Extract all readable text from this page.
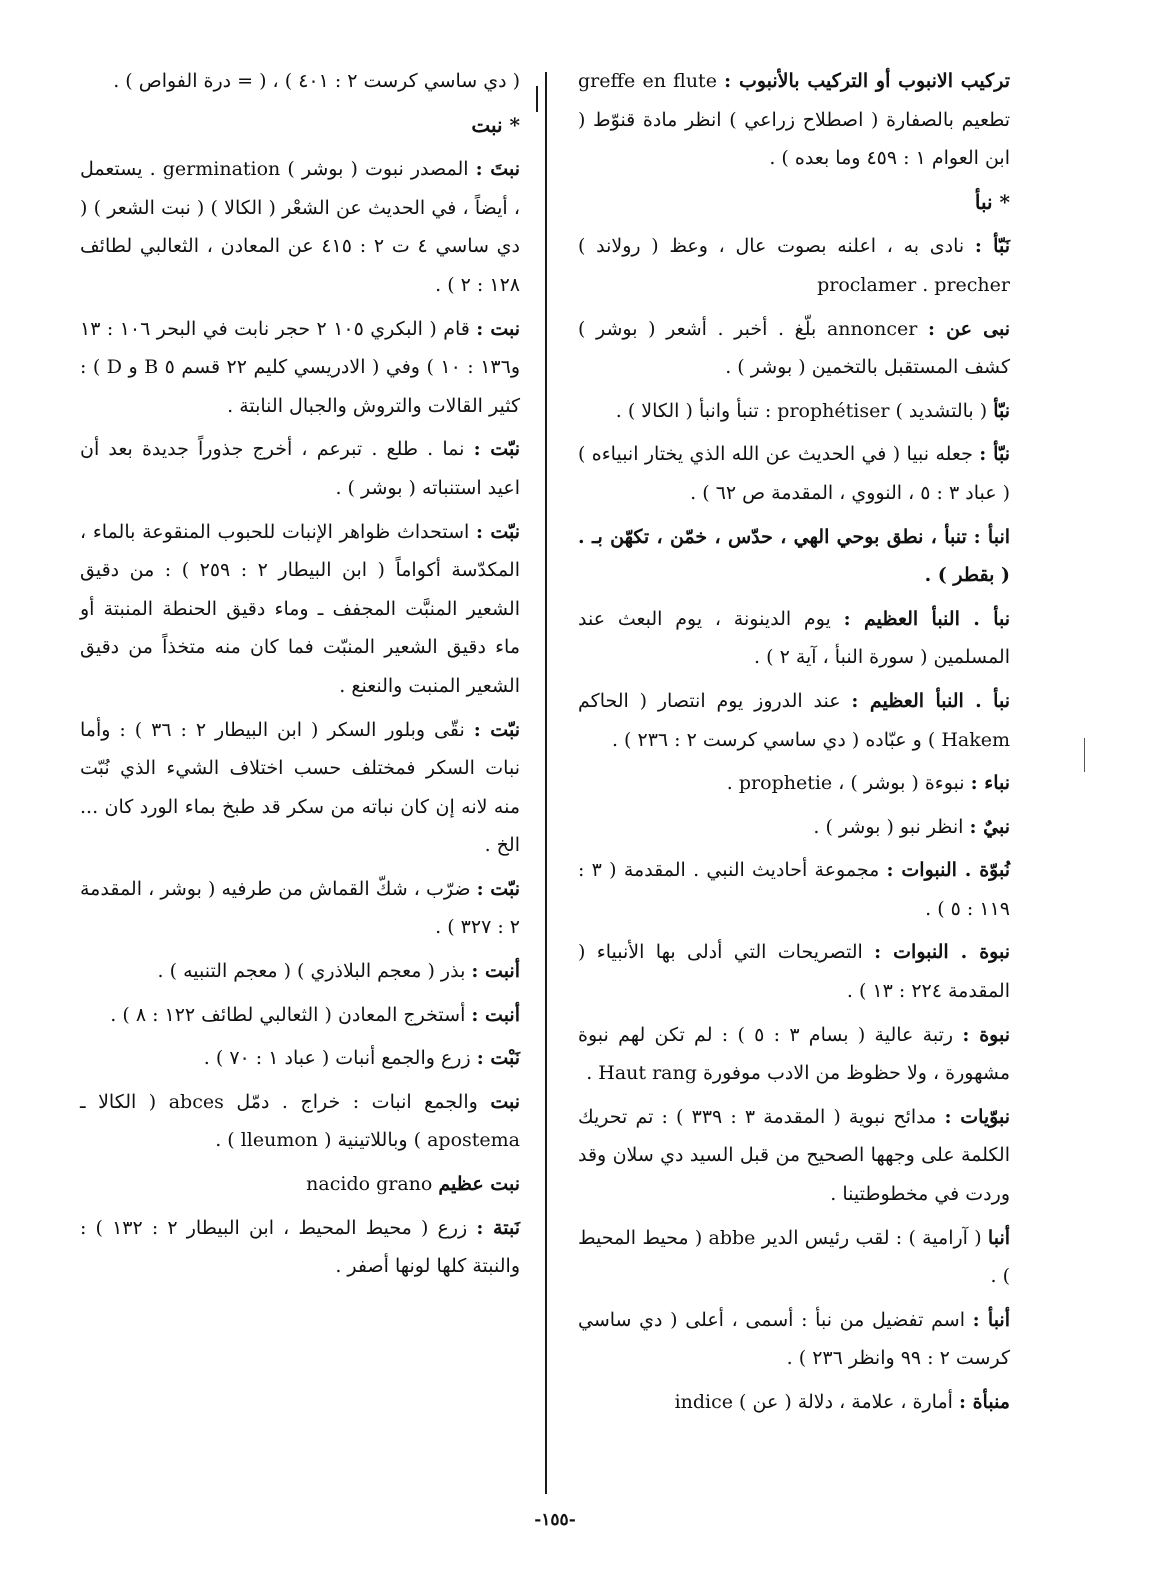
تركيب الانبوب أو التركيب بالأنبوب : greffe en flute تطعيم بالصفارة ( اصطلاح زراعي ) انظر مادة قنوّط ( ابن العوام ١ : ٤٥٩ وما بعده ) .

* نبأ

نَبّأ : نادى به ، اعلنه بصوت عال ، وعظ ( رولاند ) proclamer . precher

نبى عن : annoncer بلّغ . أخبر . أشعر ( بوشر ) كشف المستقبل بالتخمين ( بوشر ) .

نبّأ ( بالتشديد ) prophétiser : تنبأ وانبأ ( الكالا ) .

نبّأ : جعله نبيا ( في الحديث عن الله الذي يختار انبياءه ) ( عباد ٣ : ٥ ، النووي ، المقدمة ص ٦٢ ) .

انبأ : تنبأ ، نطق بوحي الهي ، حدّس ، خمّن ، تكهّن بـ . ( بقطر ) .

نبأ . النبأ العظيم : يوم الدينونة ، يوم البعث عند المسلمين ( سورة النبأ ، آية ٢ ) .

نبأ . النبأ العظيم : عند الدروز يوم انتصار ( الحاكم Hakem ) و عبّاده ( دي ساسي كرست ٢ : ٢٣٦ ) .

نباء : نبوءة ( بوشر ) ، prophetie .

نبيٌ : انظر نبو ( بوشر ) .

نُبوّة . النبوات : مجموعة أحاديث النبي . المقدمة ( ٣ : ١١٩ : ٥ ) .

نبوة . النبوات : التصريحات التي أدلى بها الأنبياء ( المقدمة ٢٢٤ : ١٣ ) .

نبوة : رتبة عالية ( بسام ٣ : ٥ ) : لم تكن لهم نبوة مشهورة ، ولا حظوظ من الادب موفورة Haut rang .

نبوّيات : مدائح نبوية ( المقدمة ٣ : ٣٣٩ ) : تم تحريك الكلمة على وجهها الصحيح من قبل السيد دي سلان وقد وردت في مخطوطتينا .

أنبا ( آرامية ) : لقب رئيس الدير abbe ( محيط المحيط ) .

أنبأ : اسم تفضيل من نبأ : أسمى ، أعلى ( دي ساسي كرست ٢ : ٩٩ وانظر ٢٣٦ ) .

منبأة : أمارة ، علامة ، دلالة ( عن ) indice

( دي ساسي كرست ٢ : ٤٠١ ) ، ( = درة الفواص ) .

* نبت

نبتَ : المصدر نبوت ( بوشر ) germination . يستعمل ، أيضاً ، في الحديث عن الشعْر ( الكالا ) ( نبت الشعر ) ( دي ساسي ٤ ت ٢ : ٤١٥ عن المعادن ، الثعالبي لطائف ١٢٨ : ٢ ) .

نبت : قام ( البكري ١٠٥ ٢ حجر نابت في البحر ١٠٦ : ١٣ و١٣٦ : ١٠ ) وفي ( الادريسي كليم ٢٢ قسم ٥ B و D ) : كثير القالات والتروش والجبال النابتة .

نبّت : نما . طلع . تبرعم ، أخرج جذوراً جديدة بعد أن اعيد استنباته ( بوشر ) .

نبّت : استحداث ظواهر الإنبات للحبوب المنقوعة بالماء ، المكدّسة أكواماً ( ابن البيطار ٢ : ٢٥٩ ) : من دقيق الشعير المنبَّت المجفف ـ وماء دقيق الحنطة المنبتة أو ماء دقيق الشعير المنبّت فما كان منه متخذاً من دقيق الشعير المنبت والنعنع .

نبّت : نقّى وبلور السكر ( ابن البيطار ٢ : ٣٦ ) : وأما نبات السكر فمختلف حسب اختلاف الشيء الذي نُبّت منه لانه إن كان نباته من سكر قد طبخ بماء الورد كان ... الخ .

نبّت : ضرّب ، شكّ القماش من طرفيه ( بوشر ، المقدمة ٢ : ٣٢٧ ) .

أنبت : بذر ( معجم البلاذري ) ( معجم التنبيه ) .

أنبت : أستخرج المعادن ( الثعالبي لطائف ١٢٢ : ٨ ) .

نَبْت : زرع والجمع أنبات ( عباد ١ : ٧٠ ) .

نبت والجمع انبات : خراج . دمّل abces ( الكالا ـ apostema ) وباللاتينية ( lleumon ) .

نبت عظيم nacido grano

نَبتة : زرع ( محيط المحيط ، ابن البيطار ٢ : ١٣٢ ) : والنبتة كلها لونها أصفر .

-١٥٥-
